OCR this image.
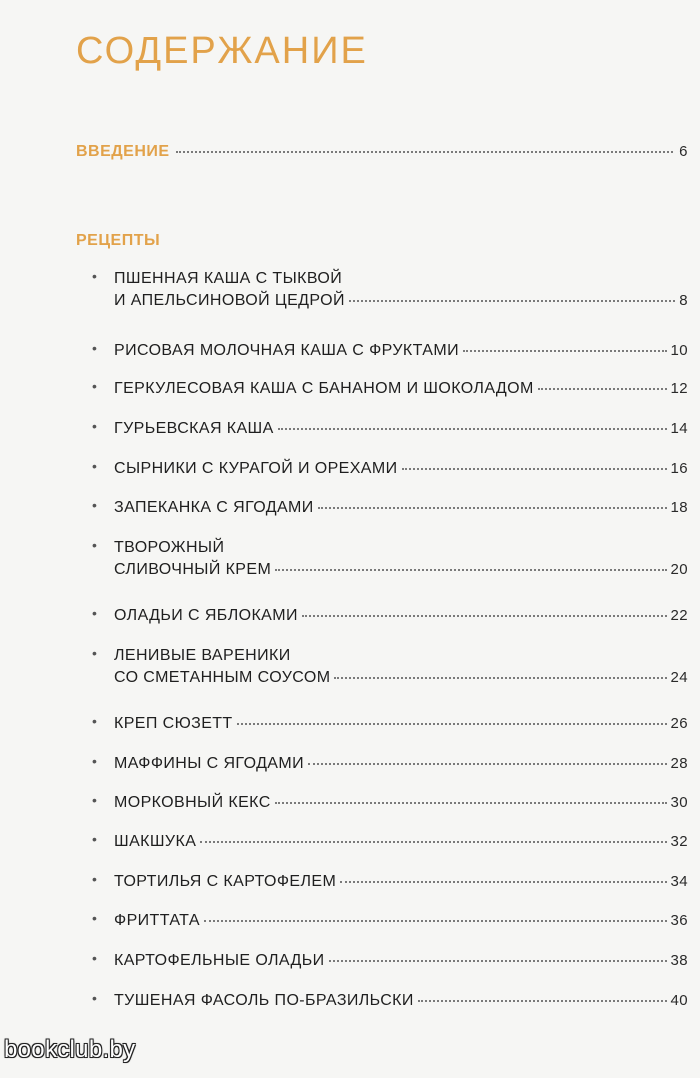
СОДЕРЖАНИЕ
ВВЕДЕНИЕ	6
РЕЦЕПТЫ
• ПШЕННАЯ КАША С ТЫКВОЙ
И АПЕЛЬСИНОВОЙ ЦЕДРОЙ	8
• РИСОВАЯ МОЛОЧНАЯ КАША С ФРУКТАМИ	10
• ГЕРКУЛЕСОВАЯ КАША С БАНАНОМ И ШОКОЛАДОМ	12
• ГУРЬЕВСКАЯ КАША	14
• СЫРНИКИ С КУРАГОЙ И ОРЕХАМИ	16
• ЗАПЕКАНКА С ЯГОДАМИ	18
• ТВОРОЖНЫЙ
СЛИВОЧНЫЙ КРЕМ	20
• ОЛАДЬИ С ЯБЛОКАМИ	22
• ЛЕНИВЫЕ ВАРЕНИКИ
СО СМЕТАННЫМ СОУСОМ	24
• КРЕП СЮЗЕТТ	26
• МАФФИНЫ С ЯГОДАМИ	28
• МОРКОВНЫЙ КЕКС	30
• ШАКШУКА	32
• ТОРТИЛЬЯ С КАРТОФЕЛЕМ	34
• ФРИТТАТА	36
• КАРТОФЕЛЬНЫЕ ОЛАДЬИ	38
• ТУШЕНАЯ ФАСОЛЬ ПО-БРАЗИЛЬСКИ	40
bookclub.by
